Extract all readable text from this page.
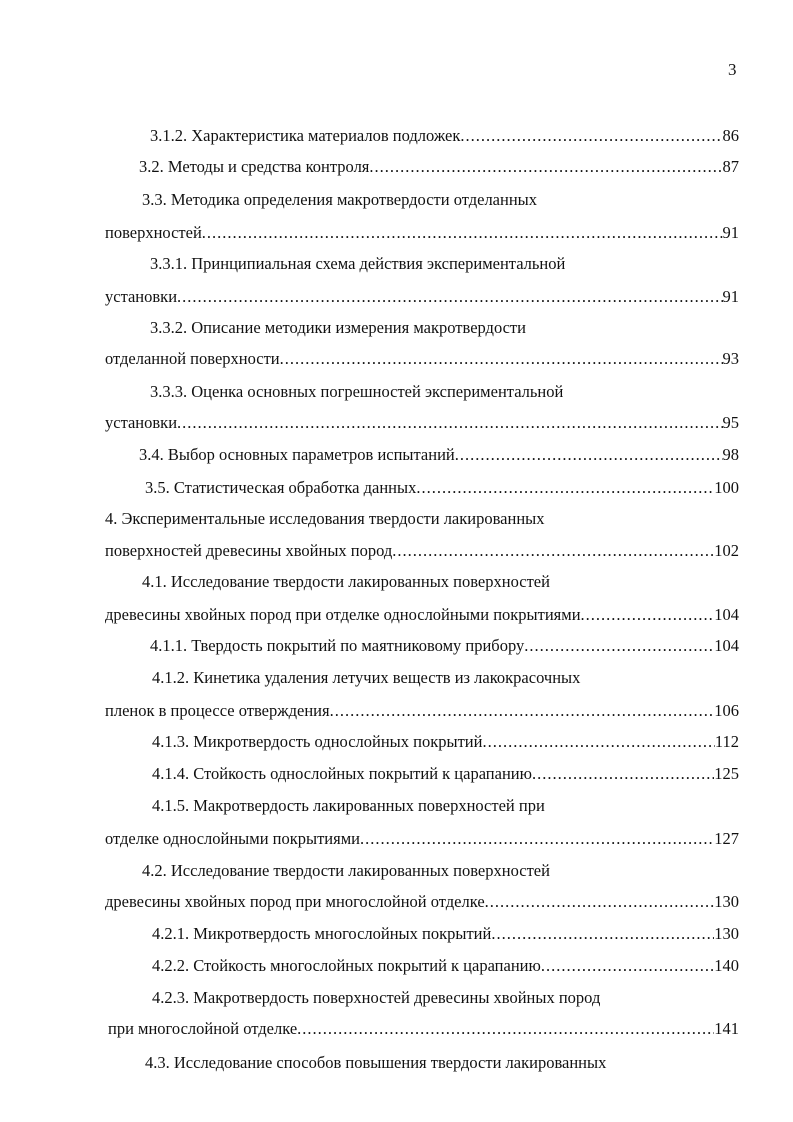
3
3.1.2. Характеристика материалов подложек .....	86
3.2. Методы и средства контроля .....	87
3.3. Методика определения макротвердости отделанных
поверхностей .....	91
3.3.1. Принципиальная схема действия экспериментальной
установки .....	91
3.3.2. Описание методики измерения макротвердости
отделанной поверхности .....	93
3.3.3. Оценка основных погрешностей экспериментальной
установки .....	95
3.4. Выбор основных параметров испытаний .....	98
3.5. Статистическая обработка данных .....	100
4. Экспериментальные исследования твердости лакированных
поверхностей древесины хвойных пород .....	102
4.1. Исследование твердости лакированных поверхностей
древесины хвойных пород при отделке однослойными покрытиями .....	104
4.1.1. Твердость покрытий по маятниковому прибору .....	104
4.1.2. Кинетика удаления летучих веществ из лакокрасочных
пленок в процессе отверждения .....	106
4.1.3. Микротвердость однослойных покрытий .....	112
4.1.4. Стойкость однослойных покрытий к царапанию .....	125
4.1.5. Макротвердость лакированных поверхностей при
отделке однослойными покрытиями .....	127
4.2. Исследование твердости лакированных поверхностей
древесины хвойных пород при многослойной отделке .....	130
4.2.1. Микротвердость многослойных покрытий .....	130
4.2.2. Стойкость многослойных покрытий к царапанию .....	140
4.2.3. Макротвердость поверхностей древесины хвойных пород
при многослойной отделке .....	141
4.3. Исследование способов повышения твердости лакированных
